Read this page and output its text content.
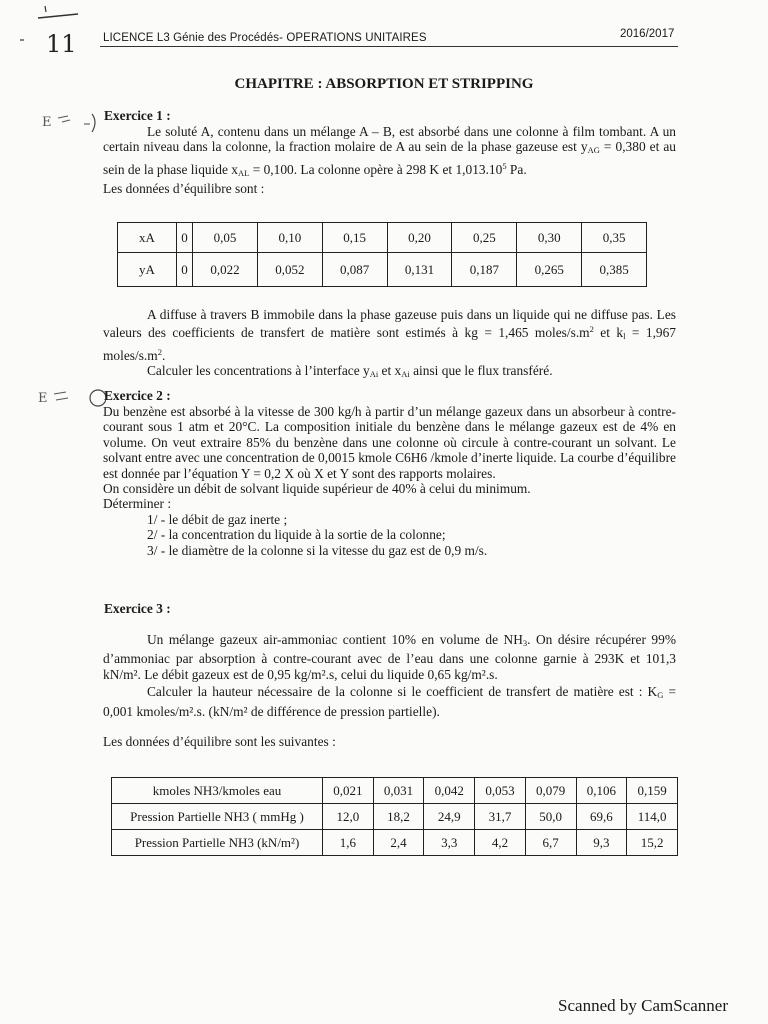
11
E
E
LICENCE L3 Génie des Procédés- OPERATIONS UNITAIRES	2016/2017
CHAPITRE : ABSORPTION ET STRIPPING
Exercice 1 :

Le soluté A, contenu dans un mélange A – B, est absorbé dans une colonne à film tombant. A un certain niveau dans la colonne, la fraction molaire de A au sein de la phase gazeuse est $y_{AG} = 0,380$ et au sein de la phase liquide $x_{AL} = 0,100$. La colonne opère à 298 K et 1,013.10$^5$ Pa.

Les données d’équilibre sont :

xA	0	0,05	0,10	0,15	0,20	0,25	0,30	0,35
yA	0	0,022	0,052	0,087	0,131	0,187	0,265	0,385

A diffuse à travers B immobile dans la phase gazeuse puis dans un liquide qui ne diffuse pas. Les valeurs des coefficients de transfert de matière sont estimés à kg = 1,465 moles/$s.m^2$ et $k_l = 1,967$ moles/$s.m^2$.

Calculer les concentrations à l’interface $y_{Ai}$ et $x_{Ai}$ ainsi que le flux transféré.

Exercice 2 :

Du benzène est absorbé à la vitesse de 300 kg/h à partir d’un mélange gazeux dans un absorbeur à contre-courant sous 1 atm et 20°C. La composition initiale du benzène dans le mélange gazeux est de 4% en volume. On veut extraire 85% du benzène dans une colonne où circule à contre-courant un solvant. Le solvant entre avec une concentration de 0,0015 kmole C6H6 /kmole d’inerte liquide. La courbe d’équilibre est donnée par l’équation Y = 0,2 X où X et Y sont des rapports molaires.

On considère un débit de solvant liquide supérieur de 40% à celui du minimum.

Déterminer :

1/ - le débit de gaz inerte ;

2/ - la concentration du liquide à la sortie de la colonne;

3/ - le diamètre de la colonne si la vitesse du gaz est de 0,9 m/s.

Exercice 3 :

Un mélange gazeux air-ammoniac contient 10% en volume de $NH_3$. On désire récupérer 99% d’ammoniac par absorption à contre-courant avec de l’eau dans une colonne garnie à 293K et 101,3 kN/m². Le débit gazeux est de 0,95 kg/m².s, celui du liquide 0,65 kg/m².s.

Calculer la hauteur nécessaire de la colonne si le coefficient de transfert de matière est : $K_G = 0,001$ kmoles/m².s. (kN/m² de différence de pression partielle).

Les données d’équilibre sont les suivantes :

kmoles NH3/kmoles eau	0,021	0,031	0,042	0,053	0,079	0,106	0,159
Pression Partielle NH3 ( mmHg )	12,0	18,2	24,9	31,7	50,0	69,6	114,0
Pression Partielle NH3 (kN/m²)	1,6	2,4	3,3	4,2	6,7	9,3	15,2
Scanned by CamScanner
